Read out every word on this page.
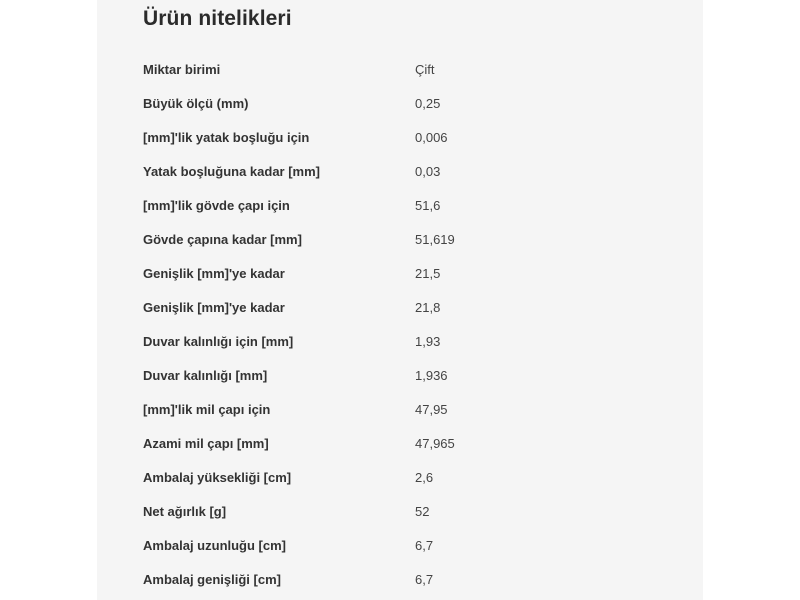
Ürün nitelikleri
Miktar birimi	Çift
Büyük ölçü (mm)	0,25
[mm]'lik yatak boşluğu için	0,006
Yatak boşluğuna kadar [mm]	0,03
[mm]'lik gövde çapı için	51,6
Gövde çapına kadar [mm]	51,619
Genişlik [mm]'ye kadar	21,5
Genişlik [mm]'ye kadar	21,8
Duvar kalınlığı için [mm]	1,93
Duvar kalınlığı [mm]	1,936
[mm]'lik mil çapı için	47,95
Azami mil çapı [mm]	47,965
Ambalaj yüksekliği [cm]	2,6
Net ağırlık [g]	52
Ambalaj uzunluğu [cm]	6,7
Ambalaj genişliği [cm]	6,7
